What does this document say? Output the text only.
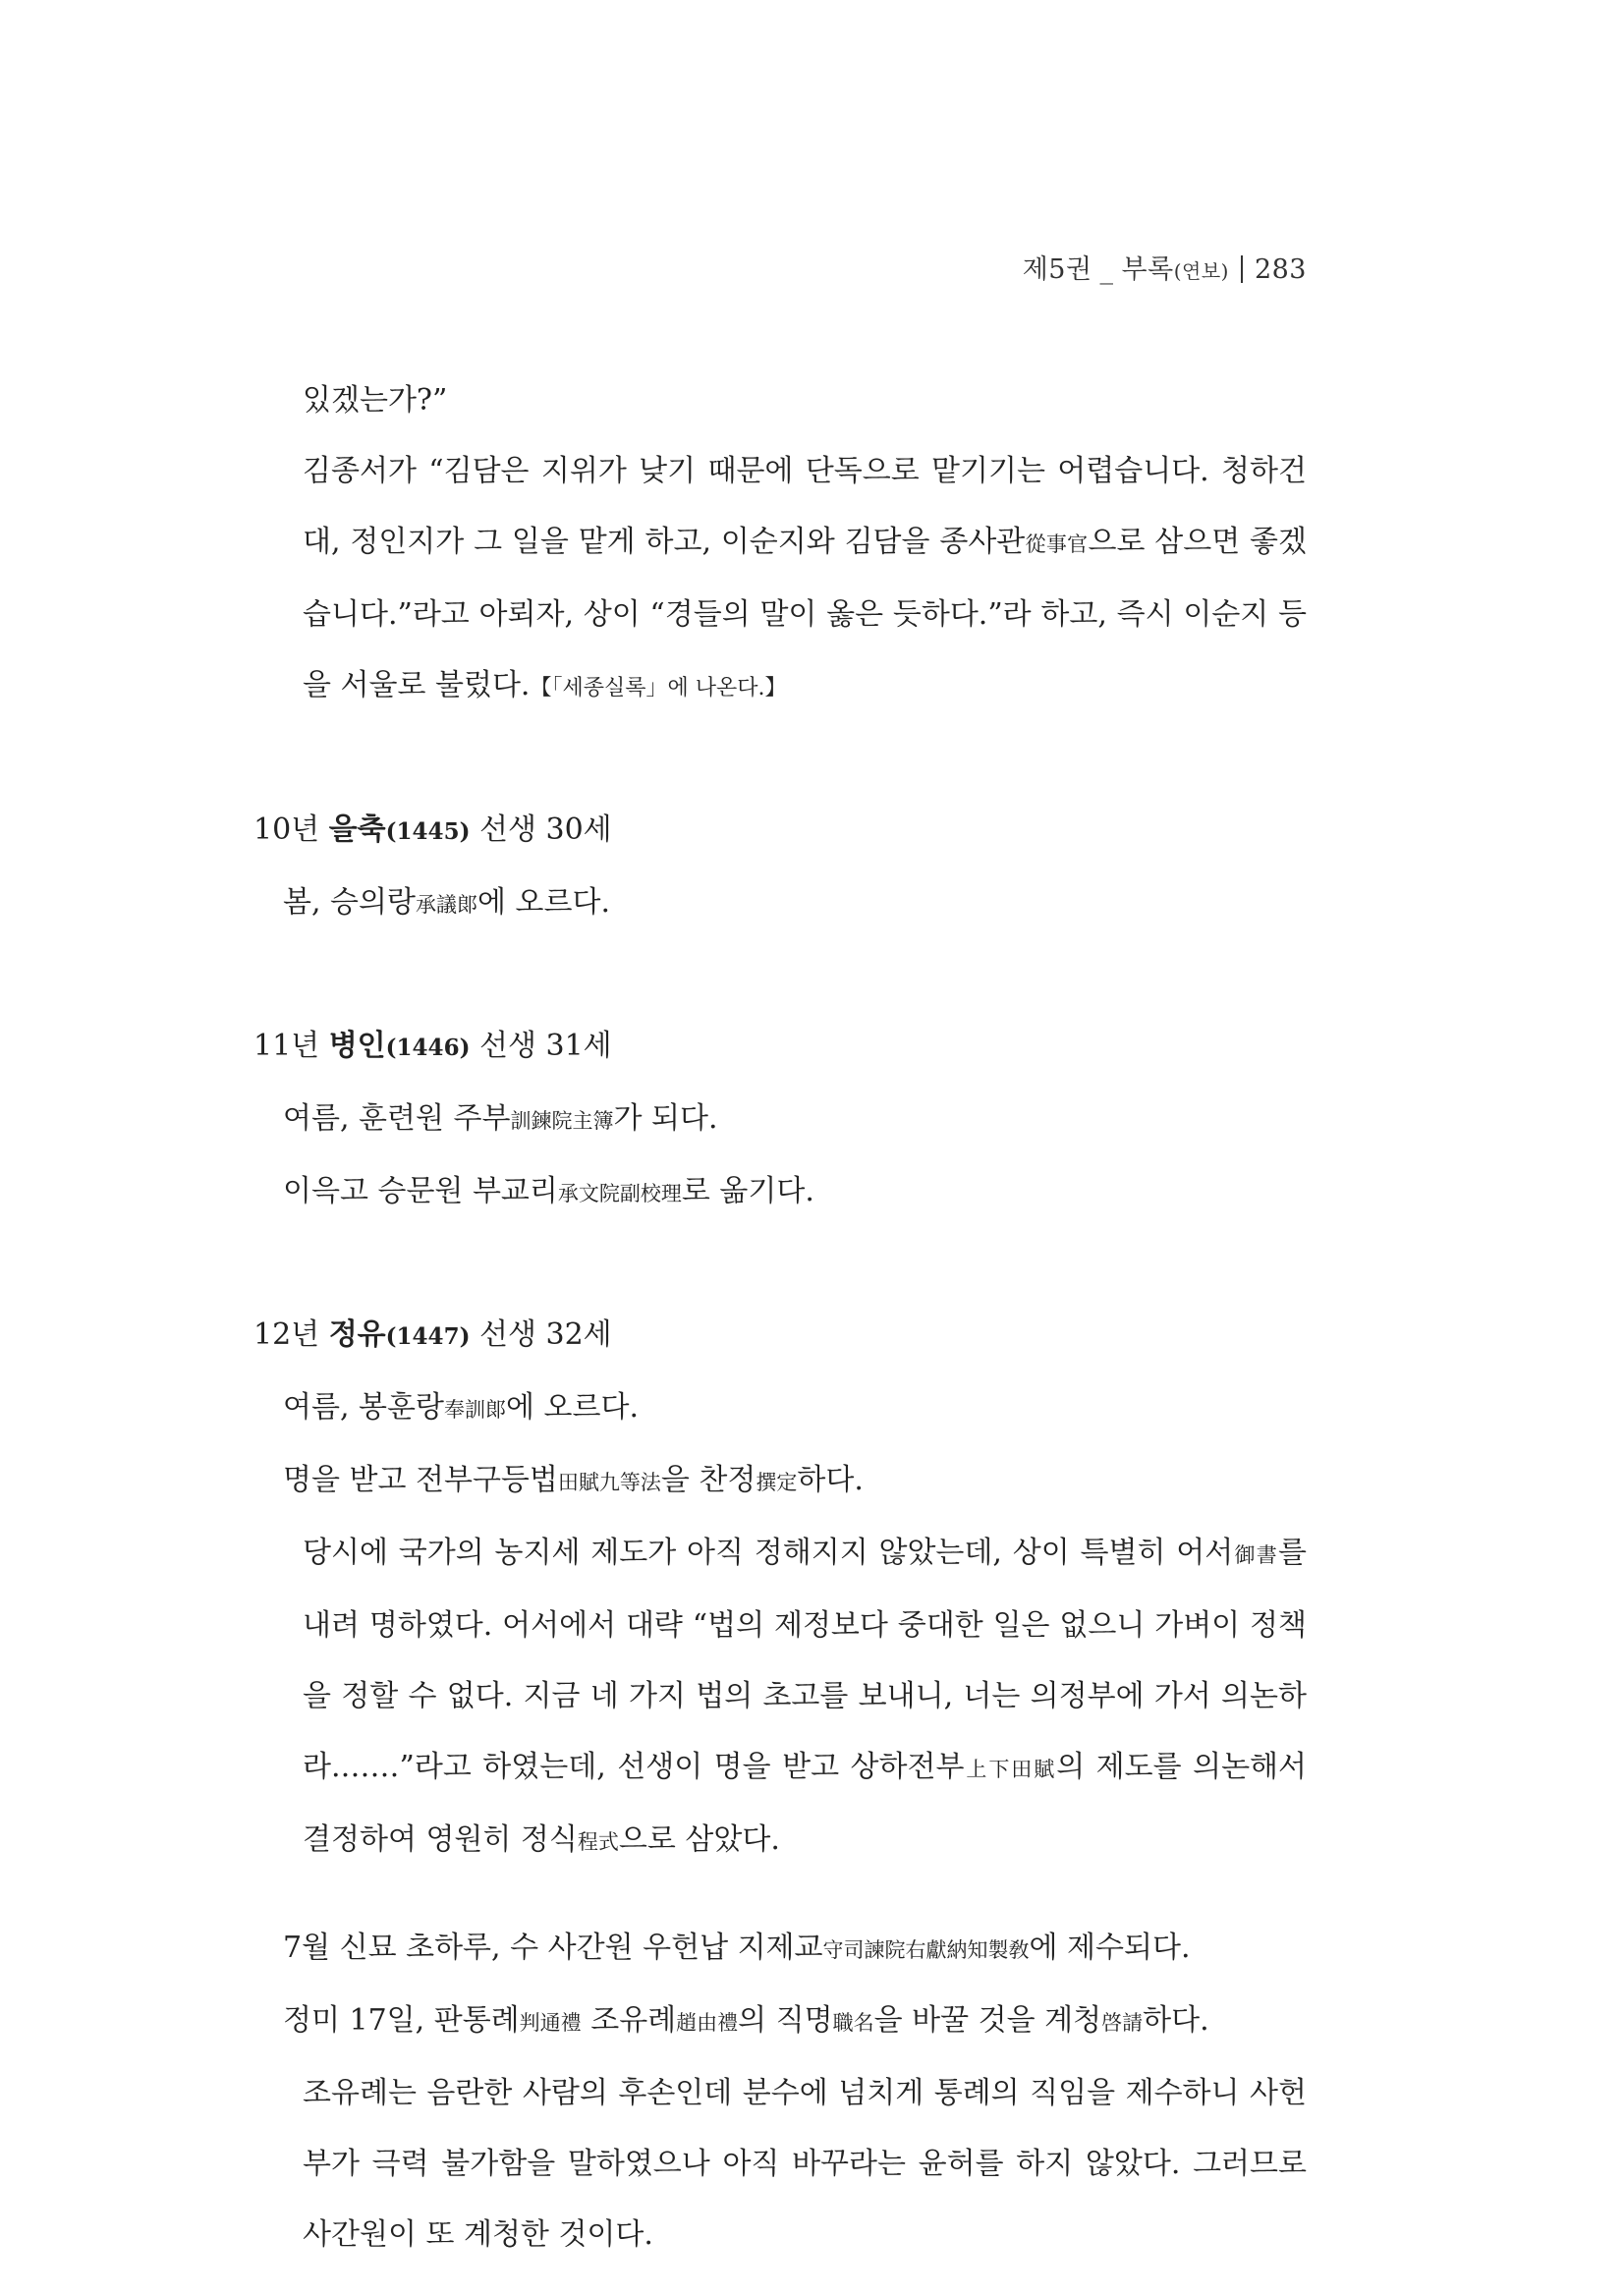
제5권 _ 부록(연보) 283

있겠는가?”

김종서가 “김담은 지위가 낮기 때문에 단독으로 맡기기는 어렵습니다. 청하건대, 정인지가 그 일을 맡게 하고, 이순지와 김담을 종사관從事官으로 삼으면 좋겠습니다.”라고 아뢰자, 상이 “경들의 말이 옳은 듯하다.”라 하고, 즉시 이순지 등을 서울로 불렀다.【「세종실록」에 나온다.】

10년 을축(1445) 선생 30세

봄, 승의랑承議郞에 오르다.

11년 병인(1446) 선생 31세

여름, 훈련원 주부訓鍊院主簿가 되다.

이윽고 승문원 부교리承文院副校理로 옮기다.

12년 정유(1447) 선생 32세

여름, 봉훈랑奉訓郞에 오르다.

명을 받고 전부구등법田賦九等法을 찬정撰定하다.

당시에 국가의 농지세 제도가 아직 정해지지 않았는데, 상이 특별히 어서御書를 내려 명하였다. 어서에서 대략 “법의 제정보다 중대한 일은 없으니 가벼이 정책을 정할 수 없다. 지금 네 가지 법의 초고를 보내니, 너는 의정부에 가서 의논하라.……”라고 하였는데, 선생이 명을 받고 상하전부上下田賦의 제도를 의논해서 결정하여 영원히 정식程式으로 삼았다.

7월 신묘 초하루, 수 사간원 우헌납 지제교守司諫院右獻納知製敎에 제수되다.

정미 17일, 판통례判通禮 조유례趙由禮의 직명職名을 바꿀 것을 계청啓請하다.

조유례는 음란한 사람의 후손인데 분수에 넘치게 통례의 직임을 제수하니 사헌부가 극력 불가함을 말하였으나 아직 바꾸라는 윤허를 하지 않았다. 그러므로 사간원이 또 계청한 것이다.
